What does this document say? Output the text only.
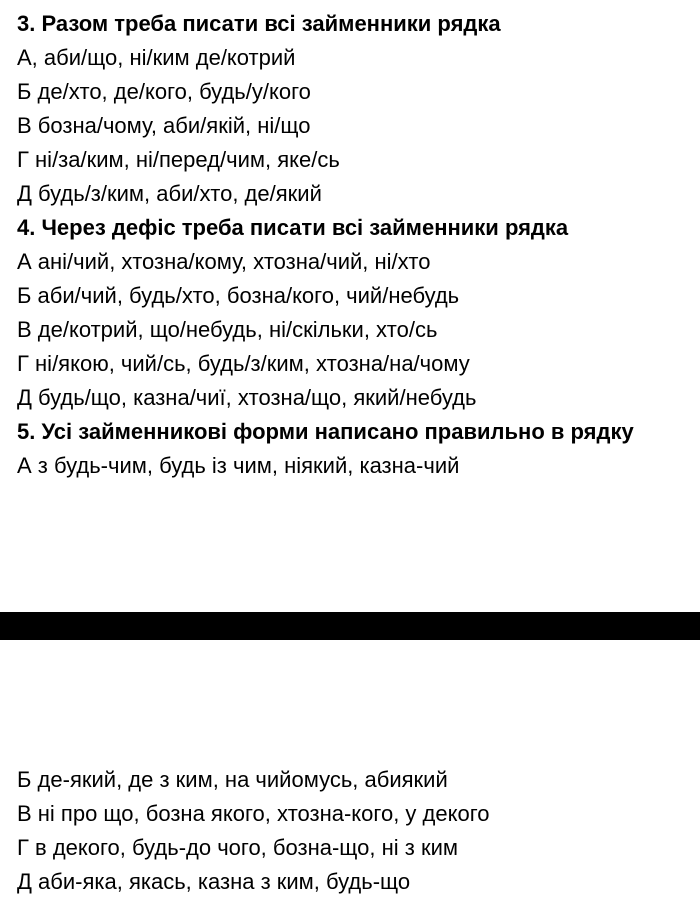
3. Разом треба писати всі займенники рядка
А, аби/що, ні/ким де/котрий
Б де/хто, де/кого, будь/у/кого
В бозна/чому, аби/якій, ні/що
Г ні/за/ким, ні/перед/чим, яке/сь
Д будь/з/ким, аби/хто, де/який
4. Через дефіс треба писати всі займенники рядка
А ані/чий, хтозна/кому, хтозна/чий, ні/хто
Б аби/чий, будь/хто, бозна/кого, чий/небудь
В де/котрий, що/небудь, ні/скільки, хто/сь
Г ні/якою, чий/сь, будь/з/ким, хтозна/на/чому
Д будь/що, казна/чиї, хтозна/що, який/небудь
5. Усі займенникові форми написано правильно в рядку
А з будь-чим, будь із чим, ніякий, казна-чий
Б де-який, де з ким, на чийомусь, абиякий
В ні про що, бозна якого, хтозна-кого, у декого
Г в декого, будь-до чого, бозна-що, ні з ким
Д аби-яка, якась, казна з ким, будь-що
